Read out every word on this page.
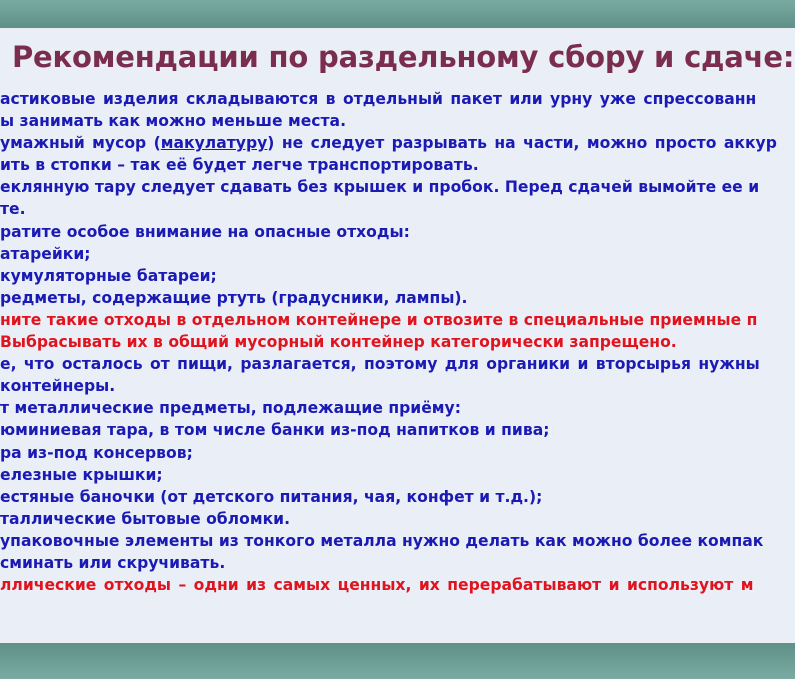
Рекомендации по раздельному сбору и сдаче:
астиковые изделия складываются в отдельный пакет или урну уже спрессованн
ы занимать как можно меньше места.
умажный мусор (макулатуру) не следует разрывать на части, можно просто аккур
ить в стопки – так её будет легче транспортировать.
еклянную тару следует сдавать без крышек и пробок. Перед сдачей вымойте ее и
те.
ратите особое внимание на опасные отходы:
атарейки;
кумуляторные батареи;
редметы, содержащие ртуть (градусники, лампы).
ните такие отходы в отдельном контейнере и отвозите в специальные приемные п
Выбрасывать их в общий мусорный контейнер категорически запрещено.
е, что осталось от пищи, разлагается, поэтому для органики и вторсырья нужны
контейнеры.
т металлические предметы, подлежащие приёму:
юминиевая тара, в том числе банки из-под напитков и пива;
ра из-под консервов;
елезные крышки;
естяные баночки (от детского питания, чая, конфет и т.д.);
таллические бытовые обломки.
упаковочные элементы из тонкого металла нужно делать как можно более компак
сминать или скручивать.
ллические отходы – одни из самых ценных, их перерабатывают и используют м
